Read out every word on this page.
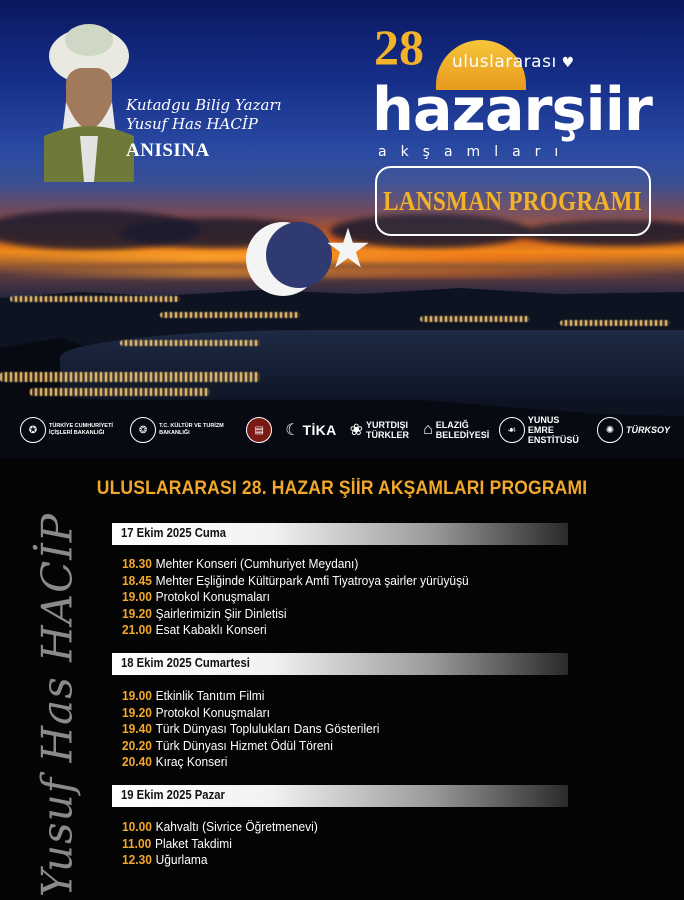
Kutadgu Bilig Yazarı
Yusuf Has HACİP
ANISINA
28 uluslararası ♥
hazarşiir
akşamları
LANSMAN PROGRAMI
✪	TÜRKİYE CUMHURİYETİ İÇİŞLERİ BAKANLIĞI	❂	T.C. KÜLTÜR VE TURİZM BAKANLIĞI	▤	☾ TİKA ❀ YURTDIŞI TÜRKLER ⌂ ELAZIĞ BELEDİYESİ	☙
YUNUS EMRE ENSTİTÜSÜ
✺	TÜRKSOY
ULUSLARARASI 28. HAZAR ŞİİR AKŞAMLARI PROGRAMI
Yusuf Has HACİP	17 Ekim 2025 Cuma
18.30 Mehter Konseri (Cumhuriyet Meydanı)
18.45 Mehter Eşliğinde Kültürpark Amfi Tiyatroya şairler yürüyüşü
19.00 Protokol Konuşmaları
19.20 Şairlerimizin Şiir Dinletisi
21.00 Esat Kabaklı Konseri
18 Ekim 2025 Cumartesi
19.00 Etkinlik Tanıtım Filmi
19.20 Protokol Konuşmaları
19.40 Türk Dünyası Toplulukları Dans Gösterileri
20.20 Türk Dünyası Hizmet Ödül Töreni
20.40 Kıraç Konseri
19 Ekim 2025 Pazar
10.00 Kahvaltı (Sivrice Öğretmenevi)
11.00 Plaket Takdimi
12.30 Uğurlama
